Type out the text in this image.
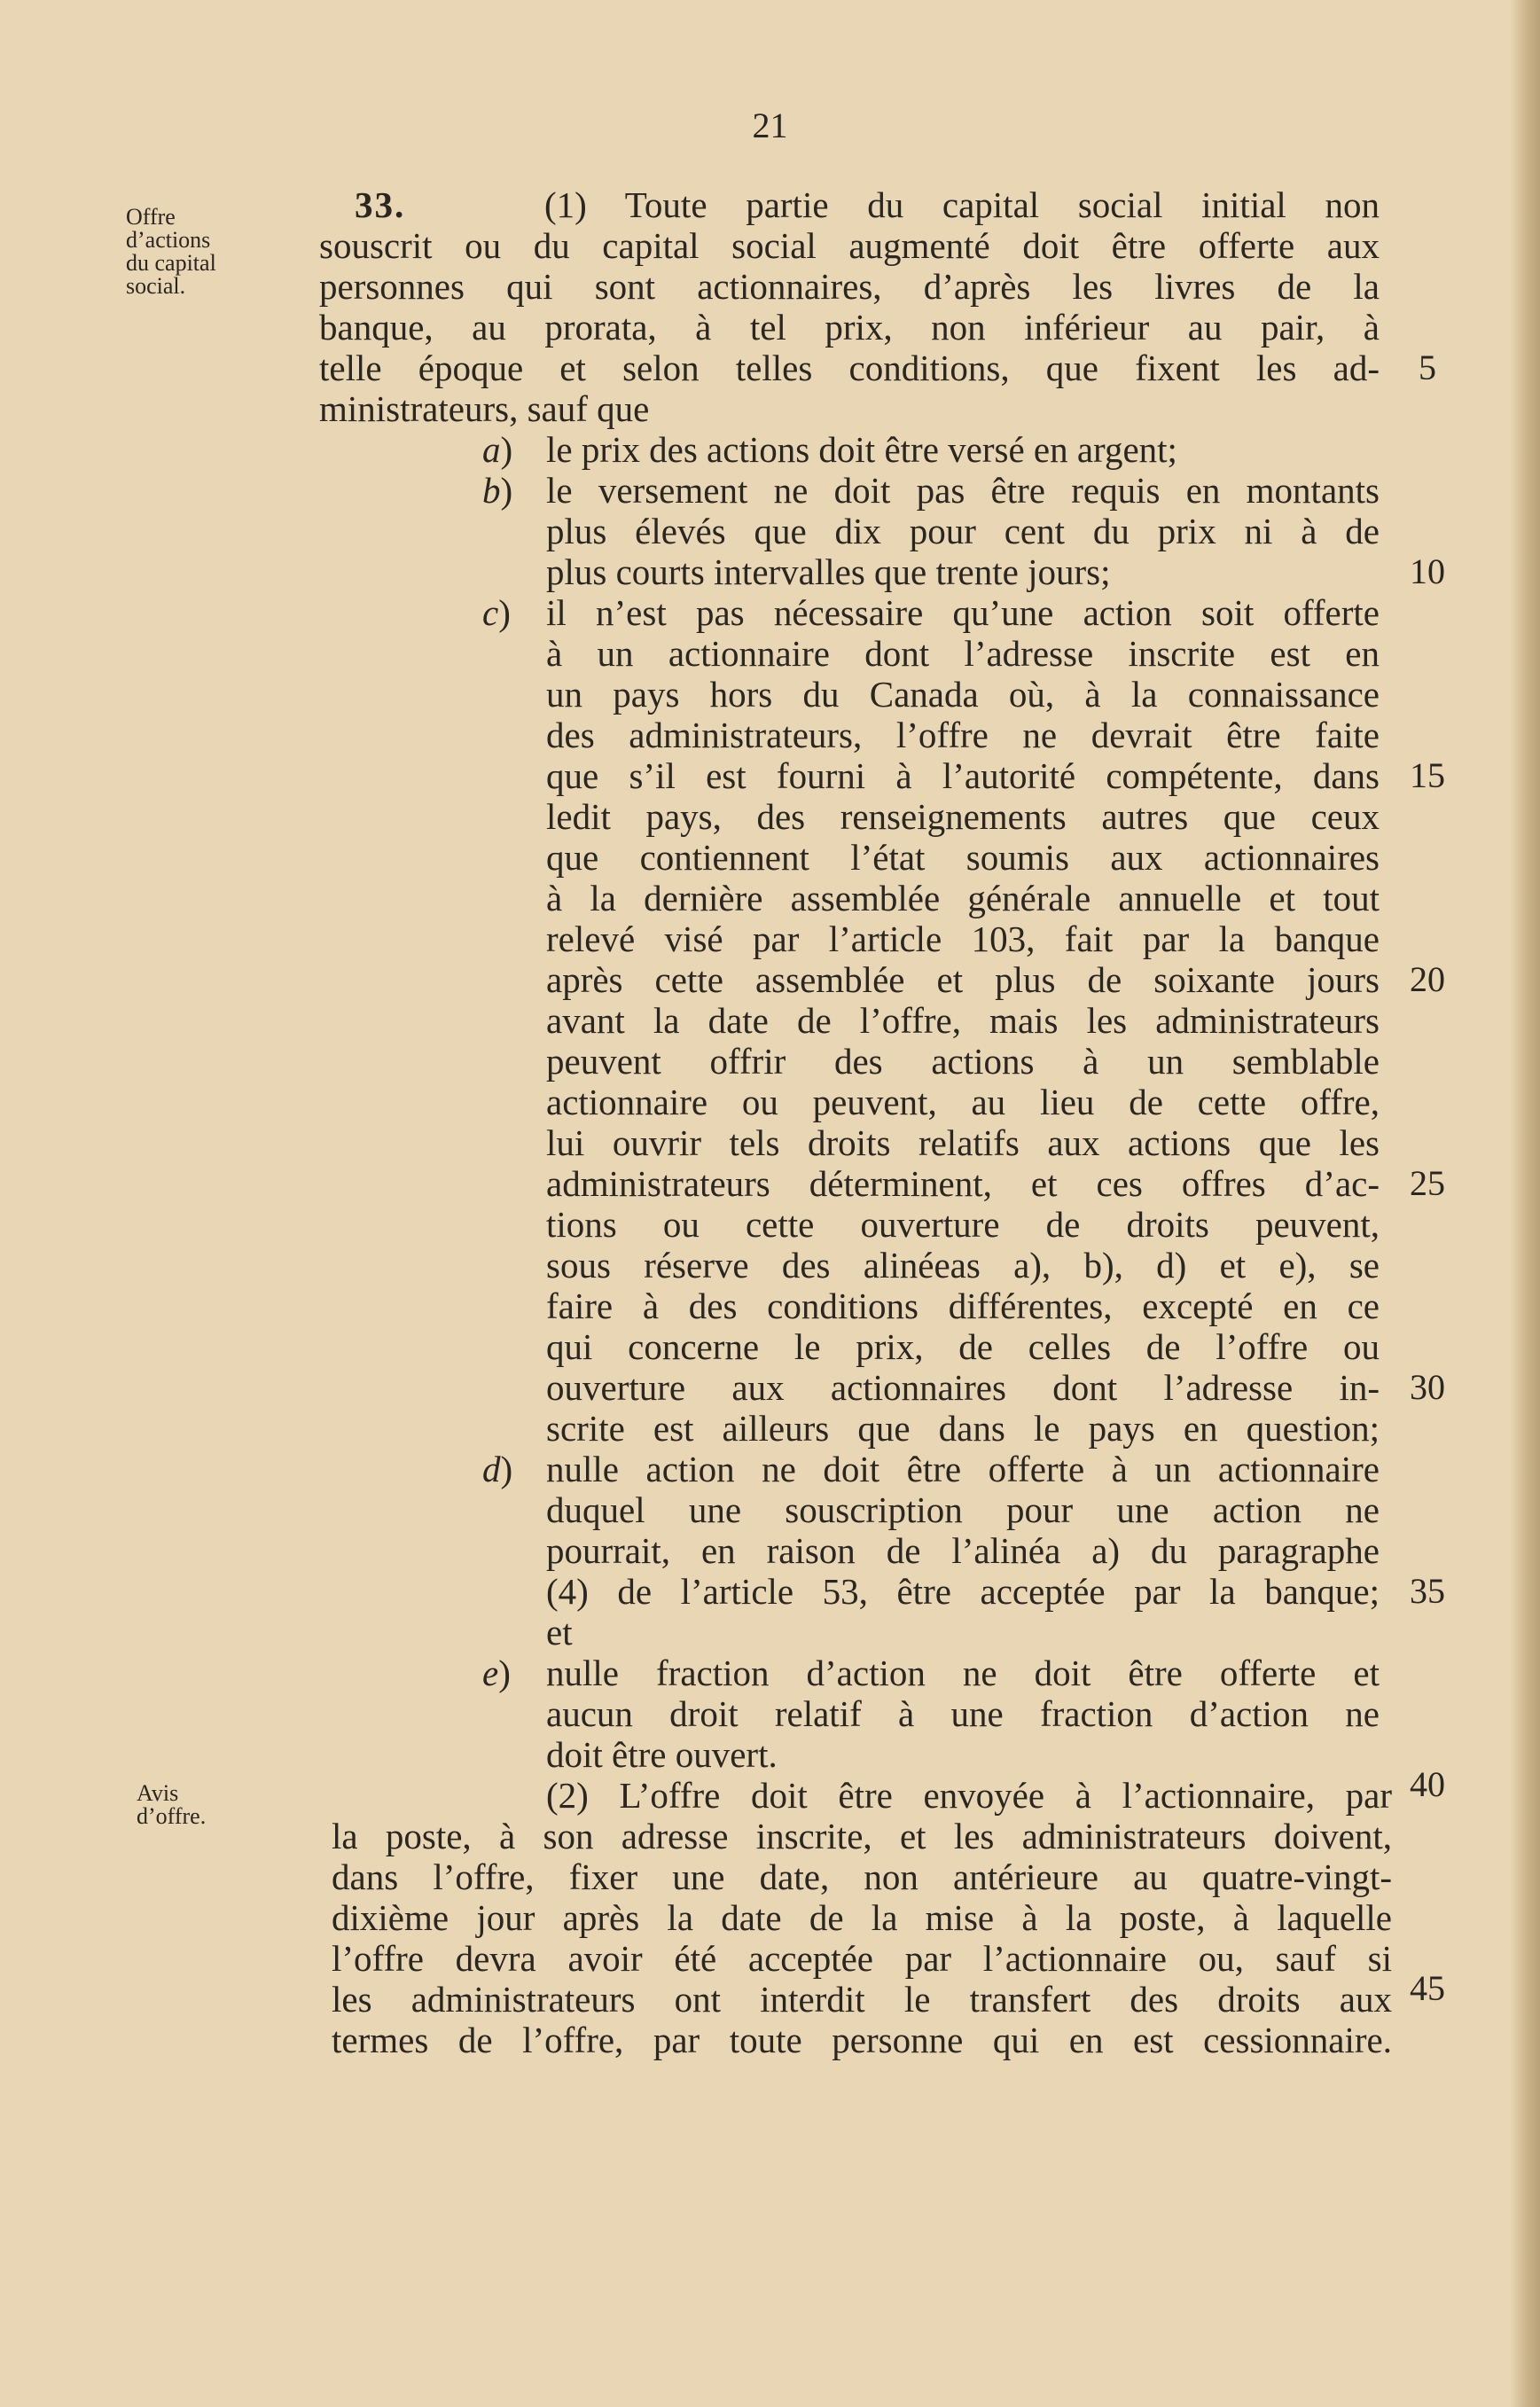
21
Offre
d’actions
du capital
social.
Avis
d’offre.
33.	(1) Toute partie du capital social initial non
souscrit ou du capital social augmenté doit être offerte aux
personnes qui sont actionnaires, d’après les livres de la
banque, au prorata, à tel prix, non inférieur au pair, à
telle époque et selon telles conditions, que fixent les ad-
ministrateurs, sauf que
a) le prix des actions doit être versé en argent;
b) le versement ne doit pas être requis en montants
plus élevés que dix pour cent du prix ni à de
plus courts intervalles que trente jours;
c) il n’est pas nécessaire qu’une action soit offerte
à un actionnaire dont l’adresse inscrite est en
un pays hors du Canada où, à la connaissance
des administrateurs, l’offre ne devrait être faite
que s’il est fourni à l’autorité compétente, dans
ledit pays, des renseignements autres que ceux
que contiennent l’état soumis aux actionnaires
à la dernière assemblée générale annuelle et tout
relevé visé par l’article 103, fait par la banque
après cette assemblée et plus de soixante jours
avant la date de l’offre, mais les administrateurs
peuvent offrir des actions à un semblable
actionnaire ou peuvent, au lieu de cette offre,
lui ouvrir tels droits relatifs aux actions que les
administrateurs déterminent, et ces offres d’ac-
tions ou cette ouverture de droits peuvent,
sous réserve des alinéeas a), b), d) et e), se
faire à des conditions différentes, excepté en ce
qui concerne le prix, de celles de l’offre ou
ouverture aux actionnaires dont l’adresse in-
scrite est ailleurs que dans le pays en question;
d) nulle action ne doit être offerte à un actionnaire
duquel une souscription pour une action ne
pourrait, en raison de l’alinéa a) du paragraphe
(4) de l’article 53, être acceptée par la banque;
et
e) nulle fraction d’action ne doit être offerte et
aucun droit relatif à une fraction d’action ne
doit être ouvert.
(2) L’offre doit être envoyée à l’actionnaire, par
la poste, à son adresse inscrite, et les administrateurs doivent,
dans l’offre, fixer une date, non antérieure au quatre-vingt-
dixième jour après la date de la mise à la poste, à laquelle
l’offre devra avoir été acceptée par l’actionnaire ou, sauf si
les administrateurs ont interdit le transfert des droits aux
termes de l’offre, par toute personne qui en est cessionnaire.
5
10
15
20
25
30
35
40
45
